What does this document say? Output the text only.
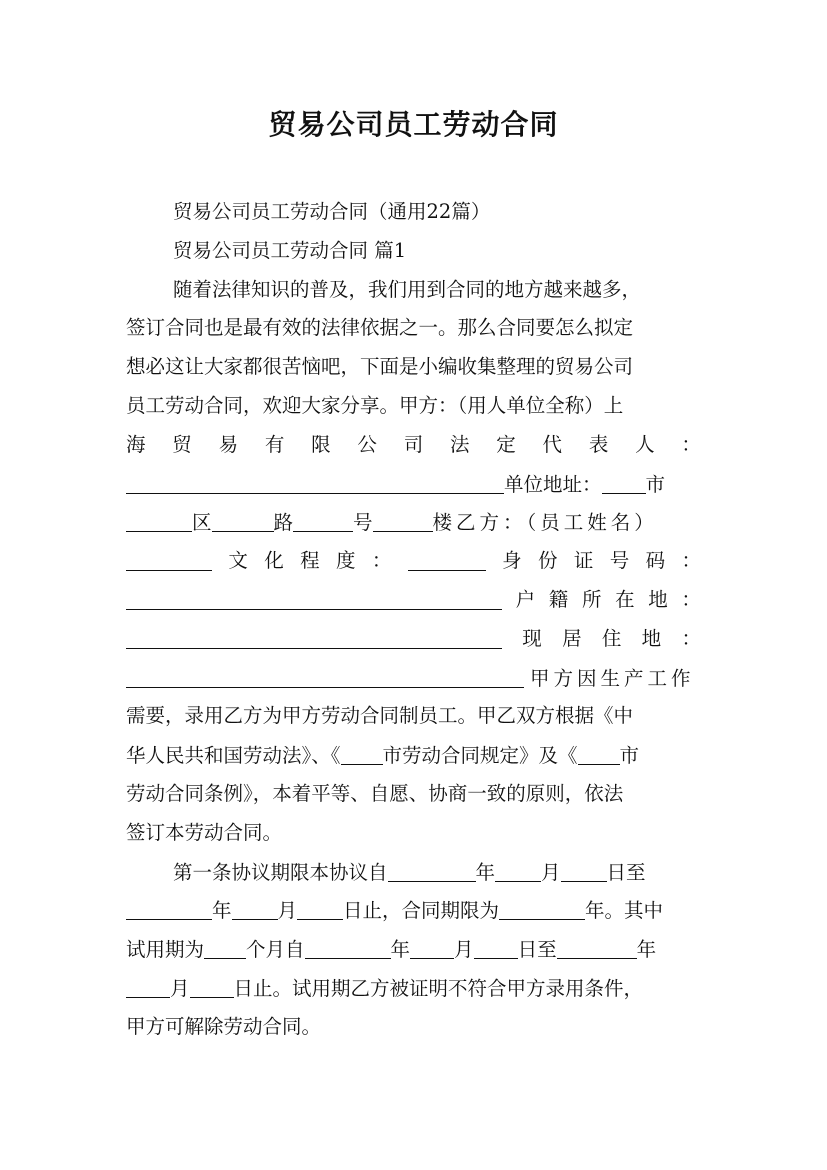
贸易公司员工劳动合同
贸易公司员工劳动合同（通用22篇）
贸易公司员工劳动合同 篇1
随着法律知识的普及，我们用到合同的地方越来越多，
签订合同也是最有效的法律依据之一。那么合同要怎么拟定
想必这让大家都很苦恼吧，下面是小编收集整理的贸易公司
员工劳动合同，欢迎大家分享。甲方：（用人单位全称）上
海 贸 易 有 限 公 司 法 定 代 表 人 ：
单位地址： 市
区	路	号	楼乙方：（员工姓名）
文 化 程 度 ：	身 份 证 号 码 ：
户 籍 所 在 地 ：
现 居 住 地 ：
甲方因生产工作
需要，录用乙方为甲方劳动合同制员工。甲乙双方根据《中
华人民共和国劳动法》、《 市劳动合同规定》及《 市
劳动合同条例》，本着平等、自愿、协商一致的原则，依法
签订本劳动合同。
第一条协议期限本协议自	年 月 日至
年 月 日止，合同期限为	年。其中
试用期为 个月自	年 月 日至	年
月 日止。试用期乙方被证明不符合甲方录用条件，
甲方可解除劳动合同。
